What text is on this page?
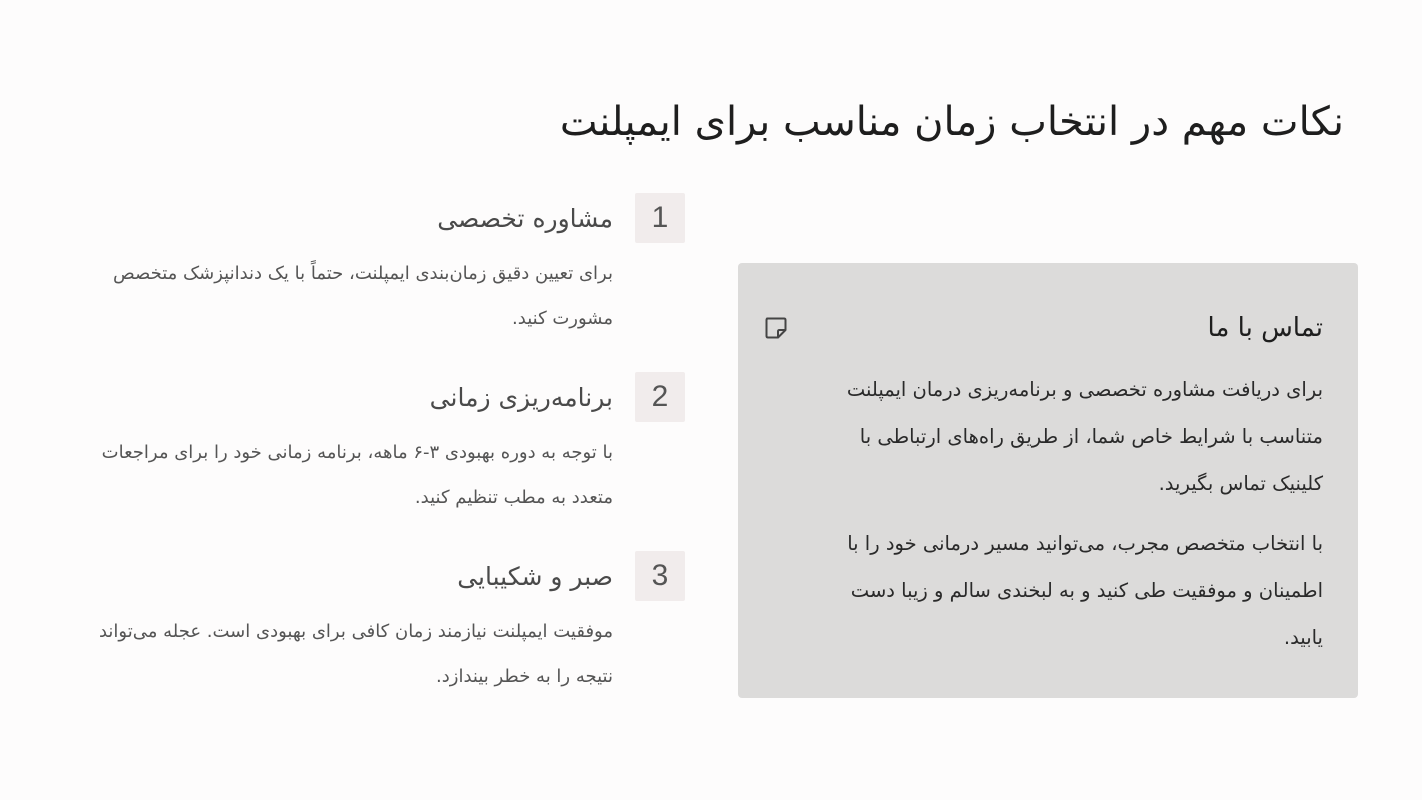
نکات مهم در انتخاب زمان مناسب برای ایمپلنت
1
مشاوره تخصصی
برای تعیین دقیق زمان‌بندی ایمپلنت، حتماً با یک دندانپزشک متخصص مشورت کنید.
2
برنامه‌ریزی زمانی
با توجه به دوره بهبودی ۳-۶ ماهه، برنامه زمانی خود را برای مراجعات متعدد به مطب تنظیم کنید.
3
صبر و شکیبایی
موفقیت ایمپلنت نیازمند زمان کافی برای بهبودی است. عجله می‌تواند نتیجه را به خطر بیندازد.
تماس با ما
برای دریافت مشاوره تخصصی و برنامه‌ریزی درمان ایمپلنت متناسب با شرایط خاص شما، از طریق راه‌های ارتباطی با کلینیک تماس بگیرید.
با انتخاب متخصص مجرب، می‌توانید مسیر درمانی خود را با اطمینان و موفقیت طی کنید و به لبخندی سالم و زیبا دست یابید.
